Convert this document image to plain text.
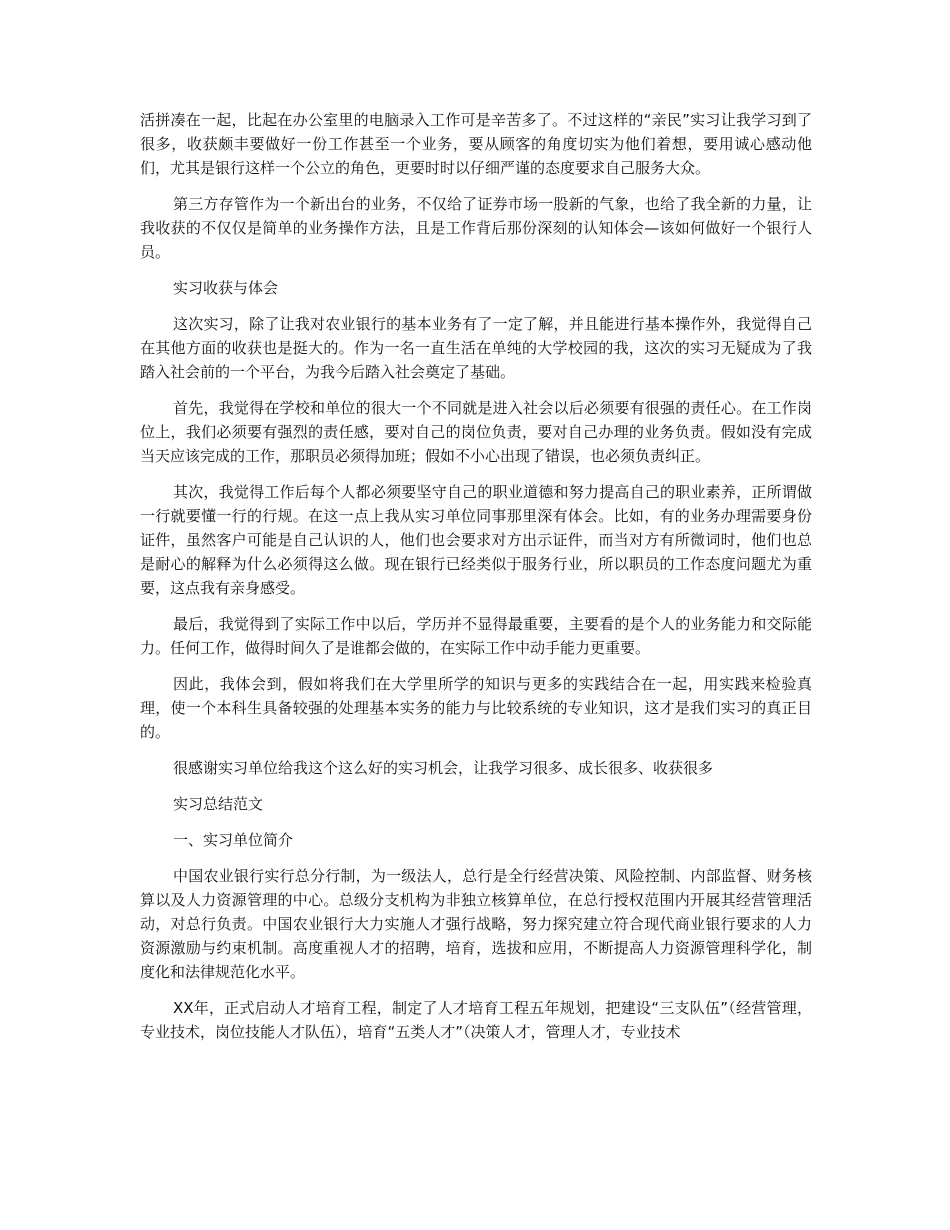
活拼凑在一起，比起在办公室里的电脑录入工作可是辛苦多了。不过这样的“亲民”实习让我学习到了很多，收获颇丰要做好一份工作甚至一个业务，要从顾客的角度切实为他们着想，要用诚心感动他们，尤其是银行这样一个公立的角色，更要时时以仔细严谨的态度要求自己服务大众。

第三方存管作为一个新出台的业务，不仅给了证券市场一股新的气象，也给了我全新的力量，让我收获的不仅仅是简单的业务操作方法，且是工作背后那份深刻的认知体会—该如何做好一个银行人员。

实习收获与体会

这次实习，除了让我对农业银行的基本业务有了一定了解，并且能进行基本操作外，我觉得自己在其他方面的收获也是挺大的。作为一名一直生活在单纯的大学校园的我，这次的实习无疑成为了我踏入社会前的一个平台，为我今后踏入社会奠定了基础。

首先，我觉得在学校和单位的很大一个不同就是进入社会以后必须要有很强的责任心。在工作岗位上，我们必须要有强烈的责任感，要对自己的岗位负责，要对自己办理的业务负责。假如没有完成当天应该完成的工作，那职员必须得加班；假如不小心出现了错误，也必须负责纠正。

其次，我觉得工作后每个人都必须要坚守自己的职业道德和努力提高自己的职业素养，正所谓做一行就要懂一行的行规。在这一点上我从实习单位同事那里深有体会。比如，有的业务办理需要身份证件，虽然客户可能是自己认识的人，他们也会要求对方出示证件，而当对方有所微词时，他们也总是耐心的解释为什么必须得这么做。现在银行已经类似于服务行业，所以职员的工作态度问题尤为重要，这点我有亲身感受。

最后，我觉得到了实际工作中以后，学历并不显得最重要，主要看的是个人的业务能力和交际能力。任何工作，做得时间久了是谁都会做的，在实际工作中动手能力更重要。

因此，我体会到，假如将我们在大学里所学的知识与更多的实践结合在一起，用实践来检验真理，使一个本科生具备较强的处理基本实务的能力与比较系统的专业知识，这才是我们实习的真正目的。

很感谢实习单位给我这个这么好的实习机会，让我学习很多、成长很多、收获很多

实习总结范文

一、实习单位简介

中国农业银行实行总分行制，为一级法人，总行是全行经营决策、风险控制、内部监督、财务核算以及人力资源管理的中心。总级分支机构为非独立核算单位，在总行授权范围内开展其经营管理活动，对总行负责。中国农业银行大力实施人才强行战略，努力探究建立符合现代商业银行要求的人力资源激励与约束机制。高度重视人才的招聘，培育，选拔和应用，不断提高人力资源管理科学化，制度化和法律规范化水平。

XX年，正式启动人才培育工程，制定了人才培育工程五年规划，把建设“三支队伍”（经营管理，专业技术，岗位技能人才队伍），培育“五类人才”（决策人才，管理人才，专业技术
